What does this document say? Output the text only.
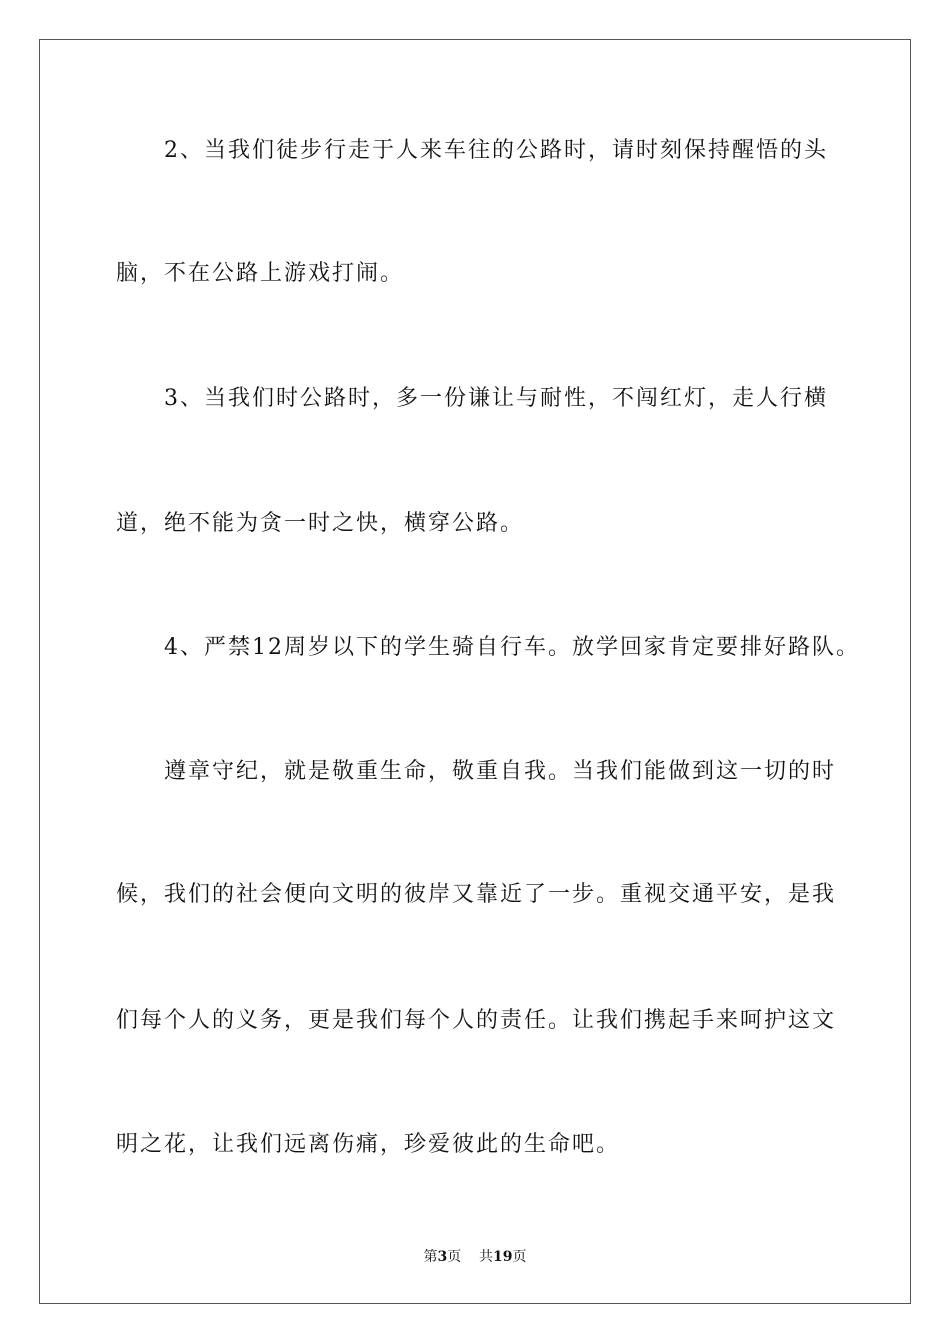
2、当我们徒步行走于人来车往的公路时，请时刻保持醒悟的头
脑，不在公路上游戏打闹。
3、当我们时公路时，多一份谦让与耐性，不闯红灯，走人行横
道，绝不能为贪一时之快，横穿公路。
4、严禁12周岁以下的学生骑自行车。放学回家肯定要排好路队。
遵章守纪，就是敬重生命，敬重自我。当我们能做到这一切的时
候，我们的社会便向文明的彼岸又靠近了一步。重视交通平安，是我
们每个人的义务，更是我们每个人的责任。让我们携起手来呵护这文
明之花，让我们远离伤痛，珍爱彼此的生命吧。
第3页 共19页
